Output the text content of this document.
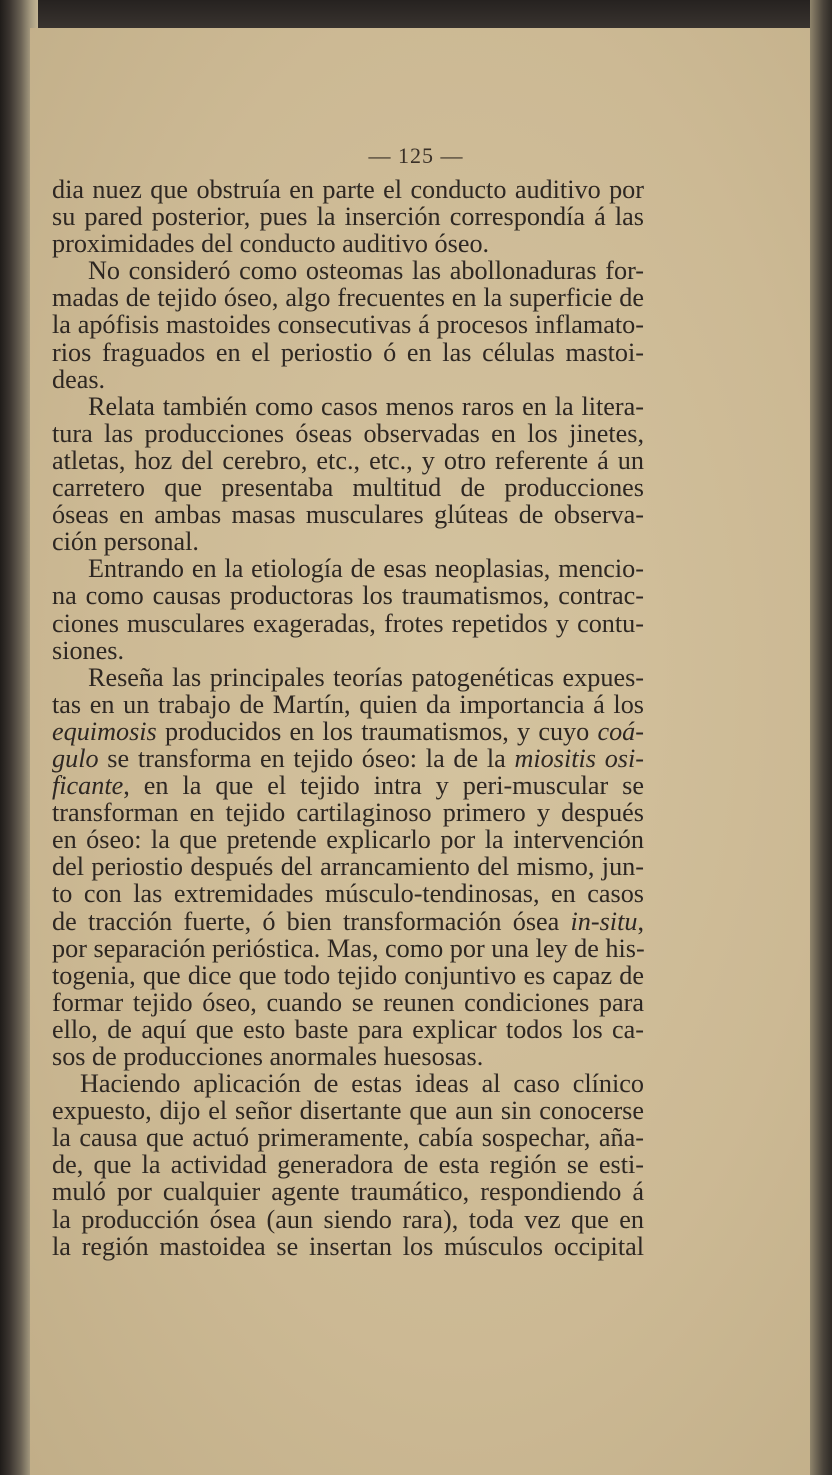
— 125 —
dia nuez que obstruía en parte el conducto auditivo por
su pared posterior, pues la inserción correspondía á las
proximidades del conducto auditivo óseo.
No consideró como osteomas las abollonaduras for-
madas de tejido óseo, algo frecuentes en la superficie de
la apófisis mastoides consecutivas á procesos inflamato-
rios fraguados en el periostio ó en las células mastoi-
deas.
Relata también como casos menos raros en la litera-
tura las producciones óseas observadas en los jinetes,
atletas, hoz del cerebro, etc., etc., y otro referente á un
carretero que presentaba multitud de producciones
óseas en ambas masas musculares glúteas de observa-
ción personal.
Entrando en la etiología de esas neoplasias, mencio-
na como causas productoras los traumatismos, contrac-
ciones musculares exageradas, frotes repetidos y contu-
siones.
Reseña las principales teorías patogenéticas expues-
tas en un trabajo de Martín, quien da importancia á los
equimosis producidos en los traumatismos, y cuyo coá-
gulo se transforma en tejido óseo: la de la miositis osi-
ficante, en la que el tejido intra y peri-muscular se
transforman en tejido cartilaginoso primero y después
en óseo: la que pretende explicarlo por la intervención
del periostio después del arrancamiento del mismo, jun-
to con las extremidades músculo-tendinosas, en casos
de tracción fuerte, ó bien transformación ósea in-situ,
por separación perióstica. Mas, como por una ley de his-
togenia, que dice que todo tejido conjuntivo es capaz de
formar tejido óseo, cuando se reunen condiciones para
ello, de aquí que esto baste para explicar todos los ca-
sos de producciones anormales huesosas.
Haciendo aplicación de estas ideas al caso clínico
expuesto, dijo el señor disertante que aun sin conocerse
la causa que actuó primeramente, cabía sospechar, aña-
de, que la actividad generadora de esta región se esti-
muló por cualquier agente traumático, respondiendo á
la producción ósea (aun siendo rara), toda vez que en
la región mastoidea se insertan los músculos occipital
